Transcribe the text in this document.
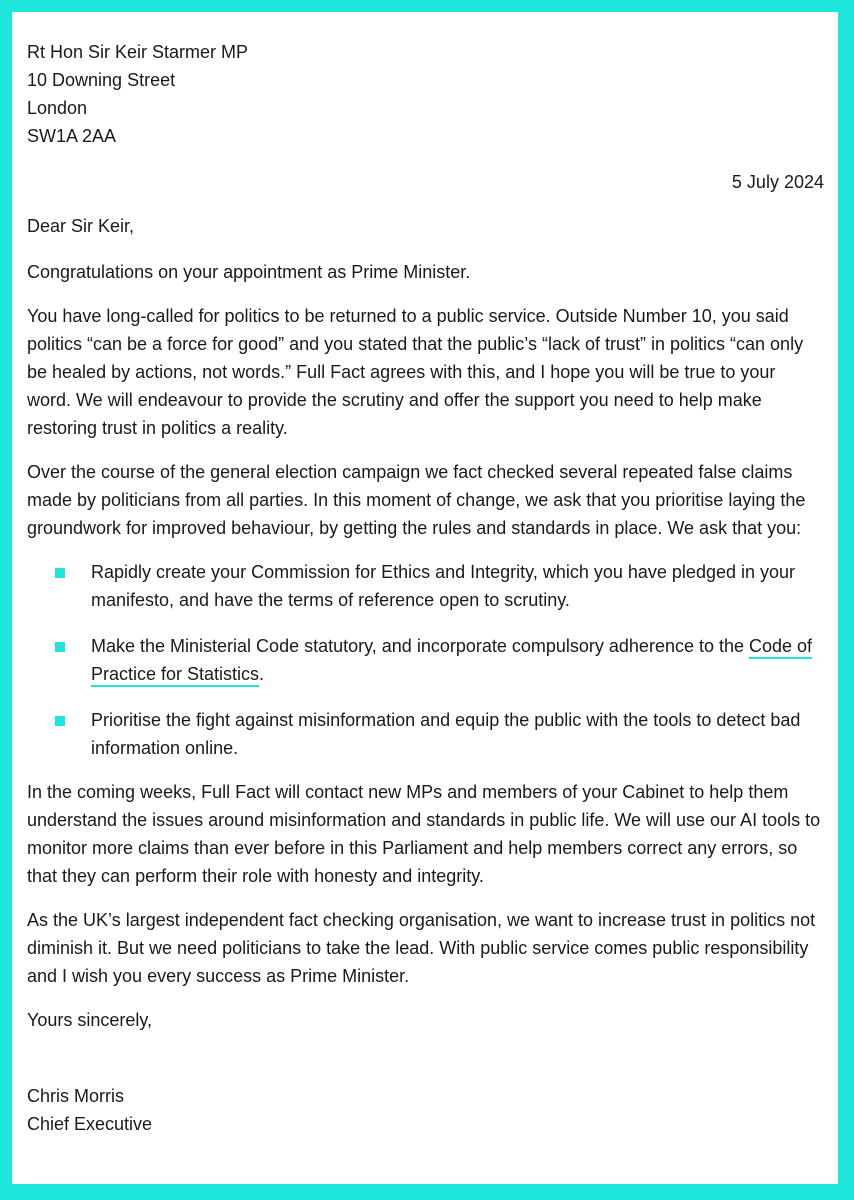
Rt Hon Sir Keir Starmer MP

10 Downing Street

London

SW1A 2AA

5 July 2024

Dear Sir Keir,

Congratulations on your appointment as Prime Minister.

You have long-called for politics to be returned to a public service. Outside Number 10, you said politics “can be a force for good” and you stated that the public’s “lack of trust” in politics “can only be healed by actions, not words.” Full Fact agrees with this, and I hope you will be true to your word. We will endeavour to provide the scrutiny and offer the support you need to help make restoring trust in politics a reality.

Over the course of the general election campaign we fact checked several repeated false claims made by politicians from all parties. In this moment of change, we ask that you prioritise laying the groundwork for improved behaviour, by getting the rules and standards in place. We ask that you:

Rapidly create your Commission for Ethics and Integrity, which you have pledged in your manifesto, and have the terms of reference open to scrutiny.
Make the Ministerial Code statutory, and incorporate compulsory adherence to the Code of Practice for Statistics.
Prioritise the fight against misinformation and equip the public with the tools to detect bad information online.

In the coming weeks, Full Fact will contact new MPs and members of your Cabinet to help them understand the issues around misinformation and standards in public life. We will use our AI tools to monitor more claims than ever before in this Parliament and help members correct any errors, so that they can perform their role with honesty and integrity.

As the UK’s largest independent fact checking organisation, we want to increase trust in politics not diminish it. But we need politicians to take the lead. With public service comes public responsibility and I wish you every success as Prime Minister.

Yours sincerely,

Chris Morris

Chief Executive
